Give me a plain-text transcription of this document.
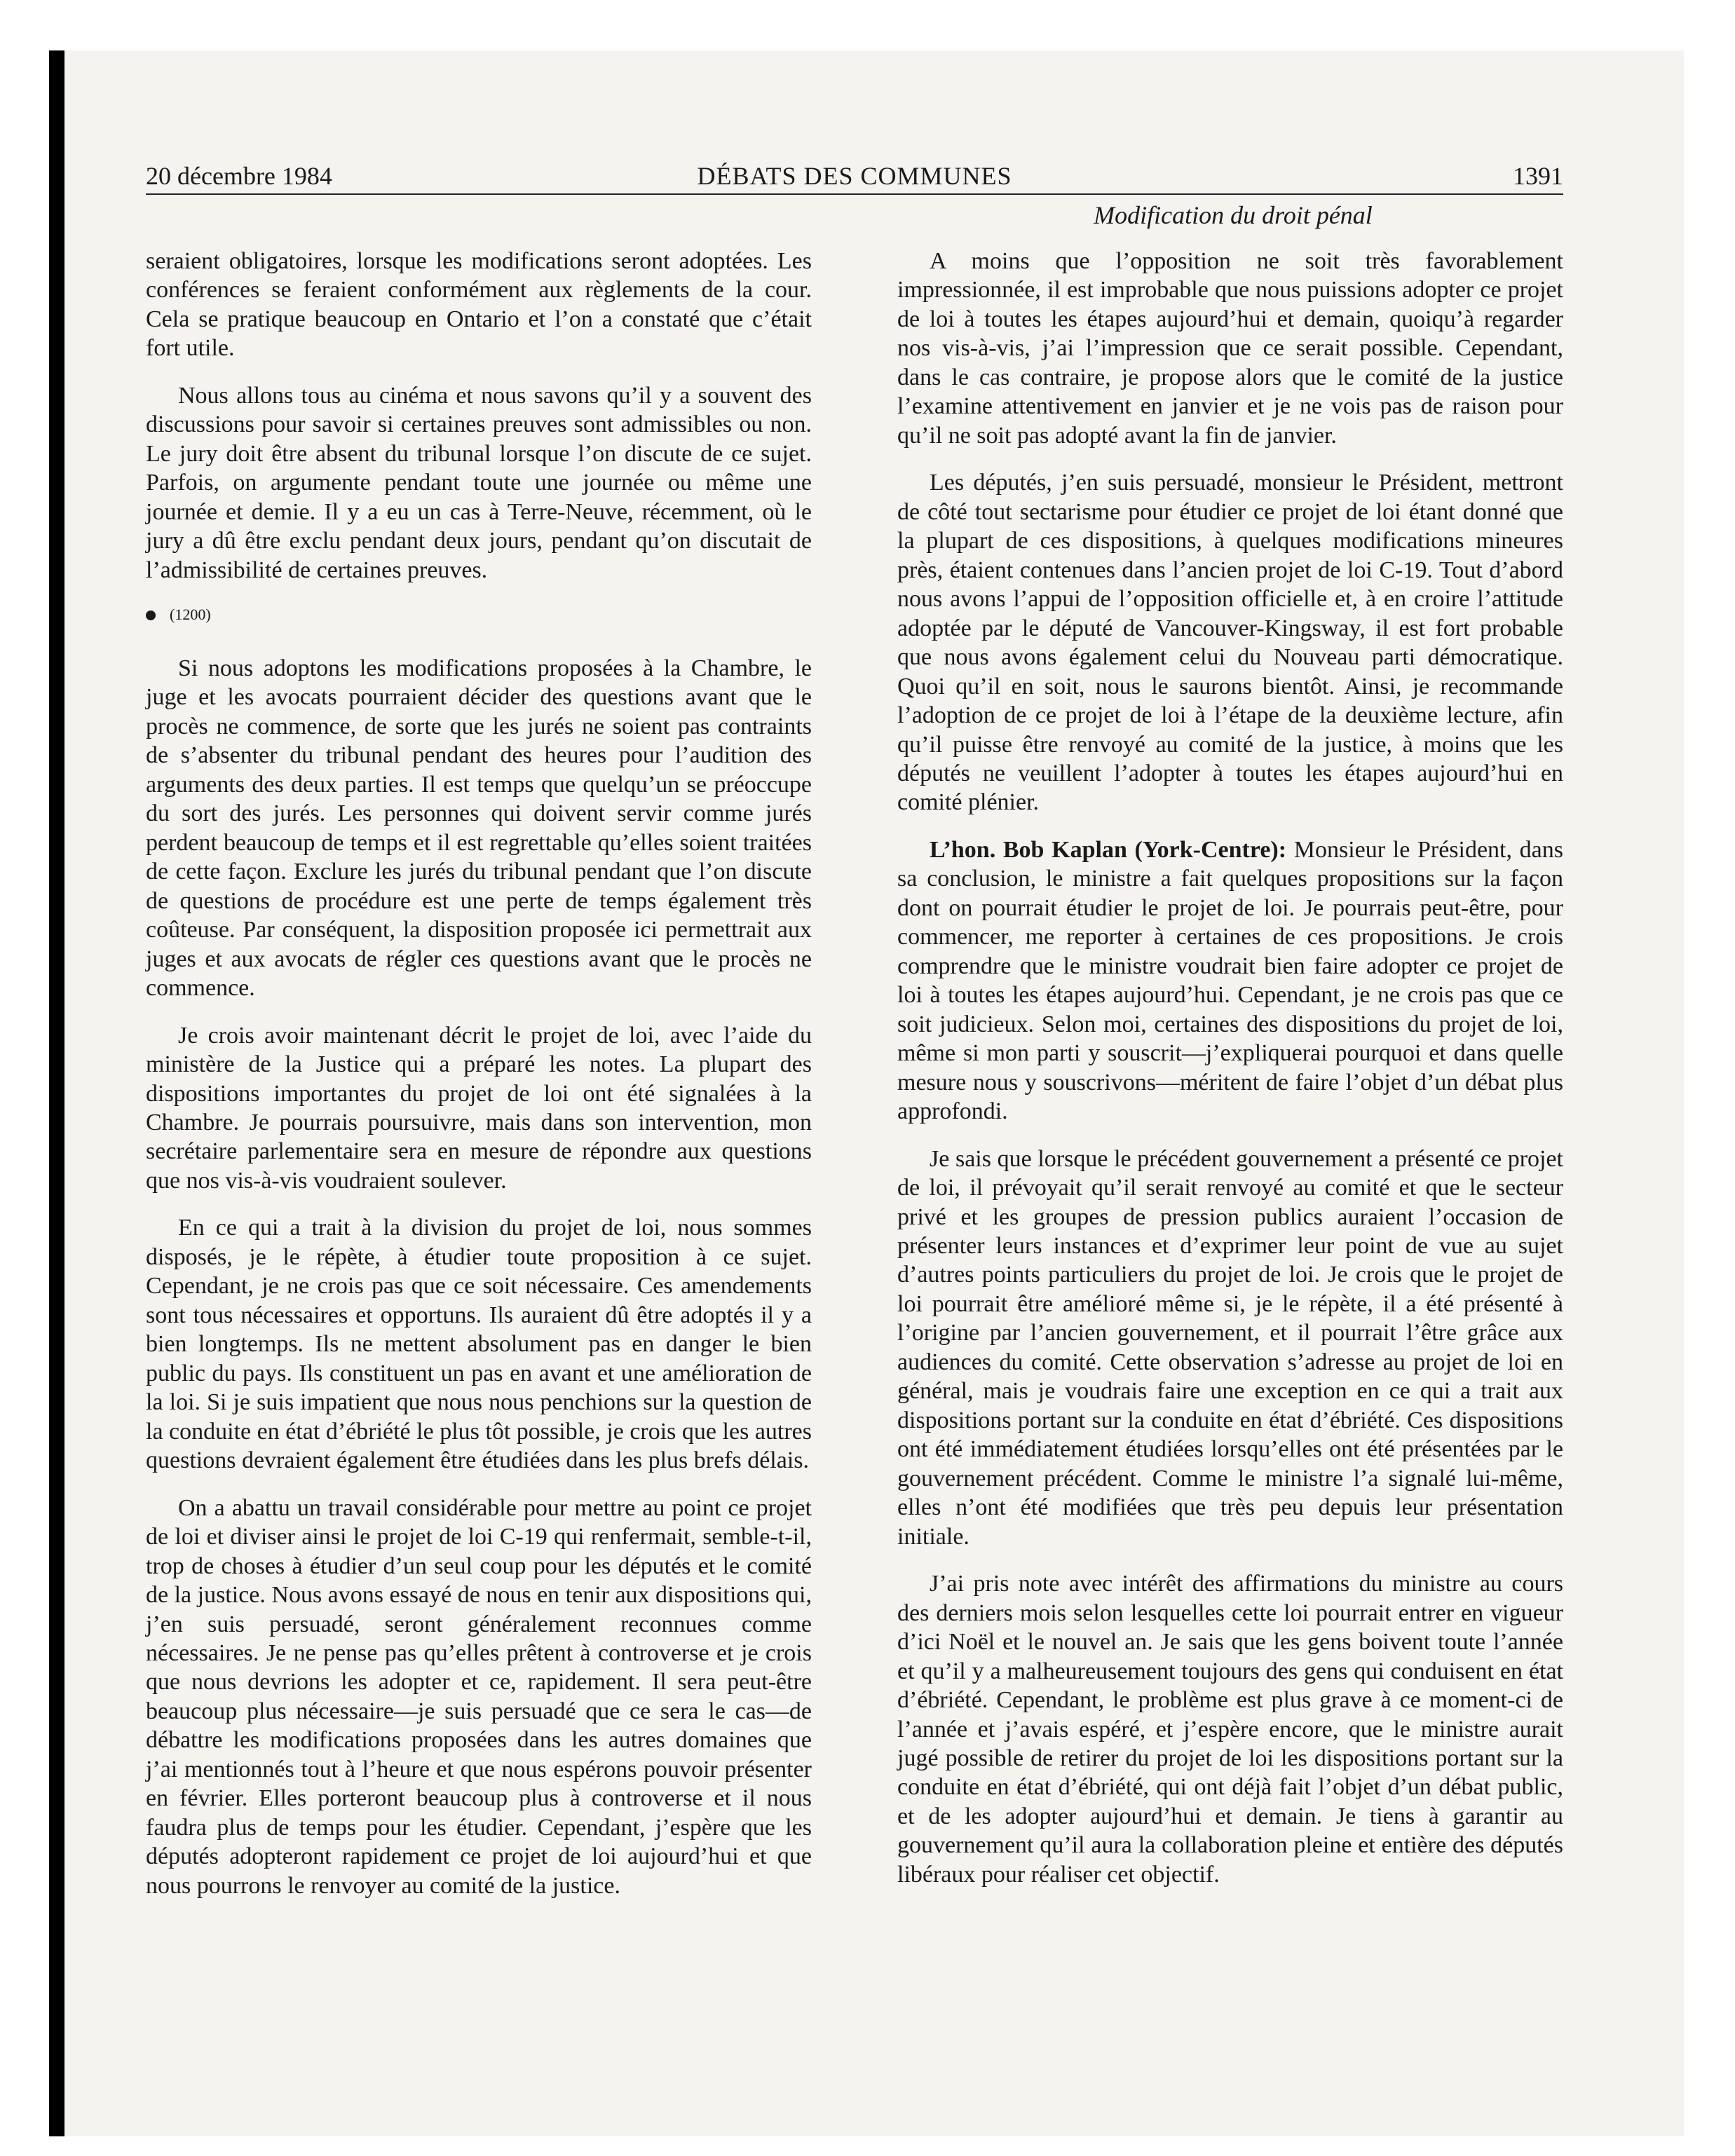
20 décembre 1984	DÉBATS DES COMMUNES	1391
Modification du droit pénal

seraient obligatoires, lorsque les modifications seront adoptées. Les conférences se feraient conformément aux règlements de la cour. Cela se pratique beaucoup en Ontario et l’on a constaté que c’était fort utile.

Nous allons tous au cinéma et nous savons qu’il y a souvent des discussions pour savoir si certaines preuves sont admissibles ou non. Le jury doit être absent du tribunal lorsque l’on discute de ce sujet. Parfois, on argumente pendant toute une journée ou même une journée et demie. Il y a eu un cas à Terre-Neuve, récemment, où le jury a dû être exclu pendant deux jours, pendant qu’on discutait de l’admissibilité de certaines preuves.

(1200)

Si nous adoptons les modifications proposées à la Chambre, le juge et les avocats pourraient décider des questions avant que le procès ne commence, de sorte que les jurés ne soient pas contraints de s’absenter du tribunal pendant des heures pour l’audition des arguments des deux parties. Il est temps que quelqu’un se préoccupe du sort des jurés. Les personnes qui doivent servir comme jurés perdent beaucoup de temps et il est regrettable qu’elles soient traitées de cette façon. Exclure les jurés du tribunal pendant que l’on discute de questions de procédure est une perte de temps également très coûteuse. Par conséquent, la disposition proposée ici permettrait aux juges et aux avocats de régler ces questions avant que le procès ne commence.

Je crois avoir maintenant décrit le projet de loi, avec l’aide du ministère de la Justice qui a préparé les notes. La plupart des dispositions importantes du projet de loi ont été signalées à la Chambre. Je pourrais poursuivre, mais dans son intervention, mon secrétaire parlementaire sera en mesure de répondre aux questions que nos vis-à-vis voudraient soulever.

En ce qui a trait à la division du projet de loi, nous sommes disposés, je le répète, à étudier toute proposition à ce sujet. Cependant, je ne crois pas que ce soit nécessaire. Ces amendements sont tous nécessaires et opportuns. Ils auraient dû être adoptés il y a bien longtemps. Ils ne mettent absolument pas en danger le bien public du pays. Ils constituent un pas en avant et une amélioration de la loi. Si je suis impatient que nous nous penchions sur la question de la conduite en état d’ébriété le plus tôt possible, je crois que les autres questions devraient également être étudiées dans les plus brefs délais.

On a abattu un travail considérable pour mettre au point ce projet de loi et diviser ainsi le projet de loi C-19 qui renfermait, semble-t-il, trop de choses à étudier d’un seul coup pour les députés et le comité de la justice. Nous avons essayé de nous en tenir aux dispositions qui, j’en suis persuadé, seront généralement reconnues comme nécessaires. Je ne pense pas qu’elles prêtent à controverse et je crois que nous devrions les adopter et ce, rapidement. Il sera peut-être beaucoup plus nécessaire—je suis persuadé que ce sera le cas—de débattre les modifications proposées dans les autres domaines que j’ai mentionnés tout à l’heure et que nous espérons pouvoir présenter en février. Elles porteront beaucoup plus à controverse et il nous faudra plus de temps pour les étudier. Cependant, j’espère que les députés adopteront rapidement ce projet de loi aujourd’hui et que nous pourrons le renvoyer au comité de la justice.

A moins que l’opposition ne soit très favorablement impressionnée, il est improbable que nous puissions adopter ce projet de loi à toutes les étapes aujourd’hui et demain, quoiqu’à regarder nos vis-à-vis, j’ai l’impression que ce serait possible. Cependant, dans le cas contraire, je propose alors que le comité de la justice l’examine attentivement en janvier et je ne vois pas de raison pour qu’il ne soit pas adopté avant la fin de janvier.

Les députés, j’en suis persuadé, monsieur le Président, mettront de côté tout sectarisme pour étudier ce projet de loi étant donné que la plupart de ces dispositions, à quelques modifications mineures près, étaient contenues dans l’ancien projet de loi C-19. Tout d’abord nous avons l’appui de l’opposition officielle et, à en croire l’attitude adoptée par le député de Vancouver-Kingsway, il est fort probable que nous avons également celui du Nouveau parti démocratique. Quoi qu’il en soit, nous le saurons bientôt. Ainsi, je recommande l’adoption de ce projet de loi à l’étape de la deuxième lecture, afin qu’il puisse être renvoyé au comité de la justice, à moins que les députés ne veuillent l’adopter à toutes les étapes aujourd’hui en comité plénier.

L’hon. Bob Kaplan (York-Centre): Monsieur le Président, dans sa conclusion, le ministre a fait quelques propositions sur la façon dont on pourrait étudier le projet de loi. Je pourrais peut-être, pour commencer, me reporter à certaines de ces propositions. Je crois comprendre que le ministre voudrait bien faire adopter ce projet de loi à toutes les étapes aujourd’hui. Cependant, je ne crois pas que ce soit judicieux. Selon moi, certaines des dispositions du projet de loi, même si mon parti y souscrit—j’expliquerai pourquoi et dans quelle mesure nous y souscrivons—méritent de faire l’objet d’un débat plus approfondi.

Je sais que lorsque le précédent gouvernement a présenté ce projet de loi, il prévoyait qu’il serait renvoyé au comité et que le secteur privé et les groupes de pression publics auraient l’occasion de présenter leurs instances et d’exprimer leur point de vue au sujet d’autres points particuliers du projet de loi. Je crois que le projet de loi pourrait être amélioré même si, je le répète, il a été présenté à l’origine par l’ancien gouvernement, et il pourrait l’être grâce aux audiences du comité. Cette observation s’adresse au projet de loi en général, mais je voudrais faire une exception en ce qui a trait aux dispositions portant sur la conduite en état d’ébriété. Ces dispositions ont été immédiatement étudiées lorsqu’elles ont été présentées par le gouvernement précédent. Comme le ministre l’a signalé lui-même, elles n’ont été modifiées que très peu depuis leur présentation initiale.

J’ai pris note avec intérêt des affirmations du ministre au cours des derniers mois selon lesquelles cette loi pourrait entrer en vigueur d’ici Noël et le nouvel an. Je sais que les gens boivent toute l’année et qu’il y a malheureusement toujours des gens qui conduisent en état d’ébriété. Cependant, le problème est plus grave à ce moment-ci de l’année et j’avais espéré, et j’espère encore, que le ministre aurait jugé possible de retirer du projet de loi les dispositions portant sur la conduite en état d’ébriété, qui ont déjà fait l’objet d’un débat public, et de les adopter aujourd’hui et demain. Je tiens à garantir au gouvernement qu’il aura la collaboration pleine et entière des députés libéraux pour réaliser cet objectif.
